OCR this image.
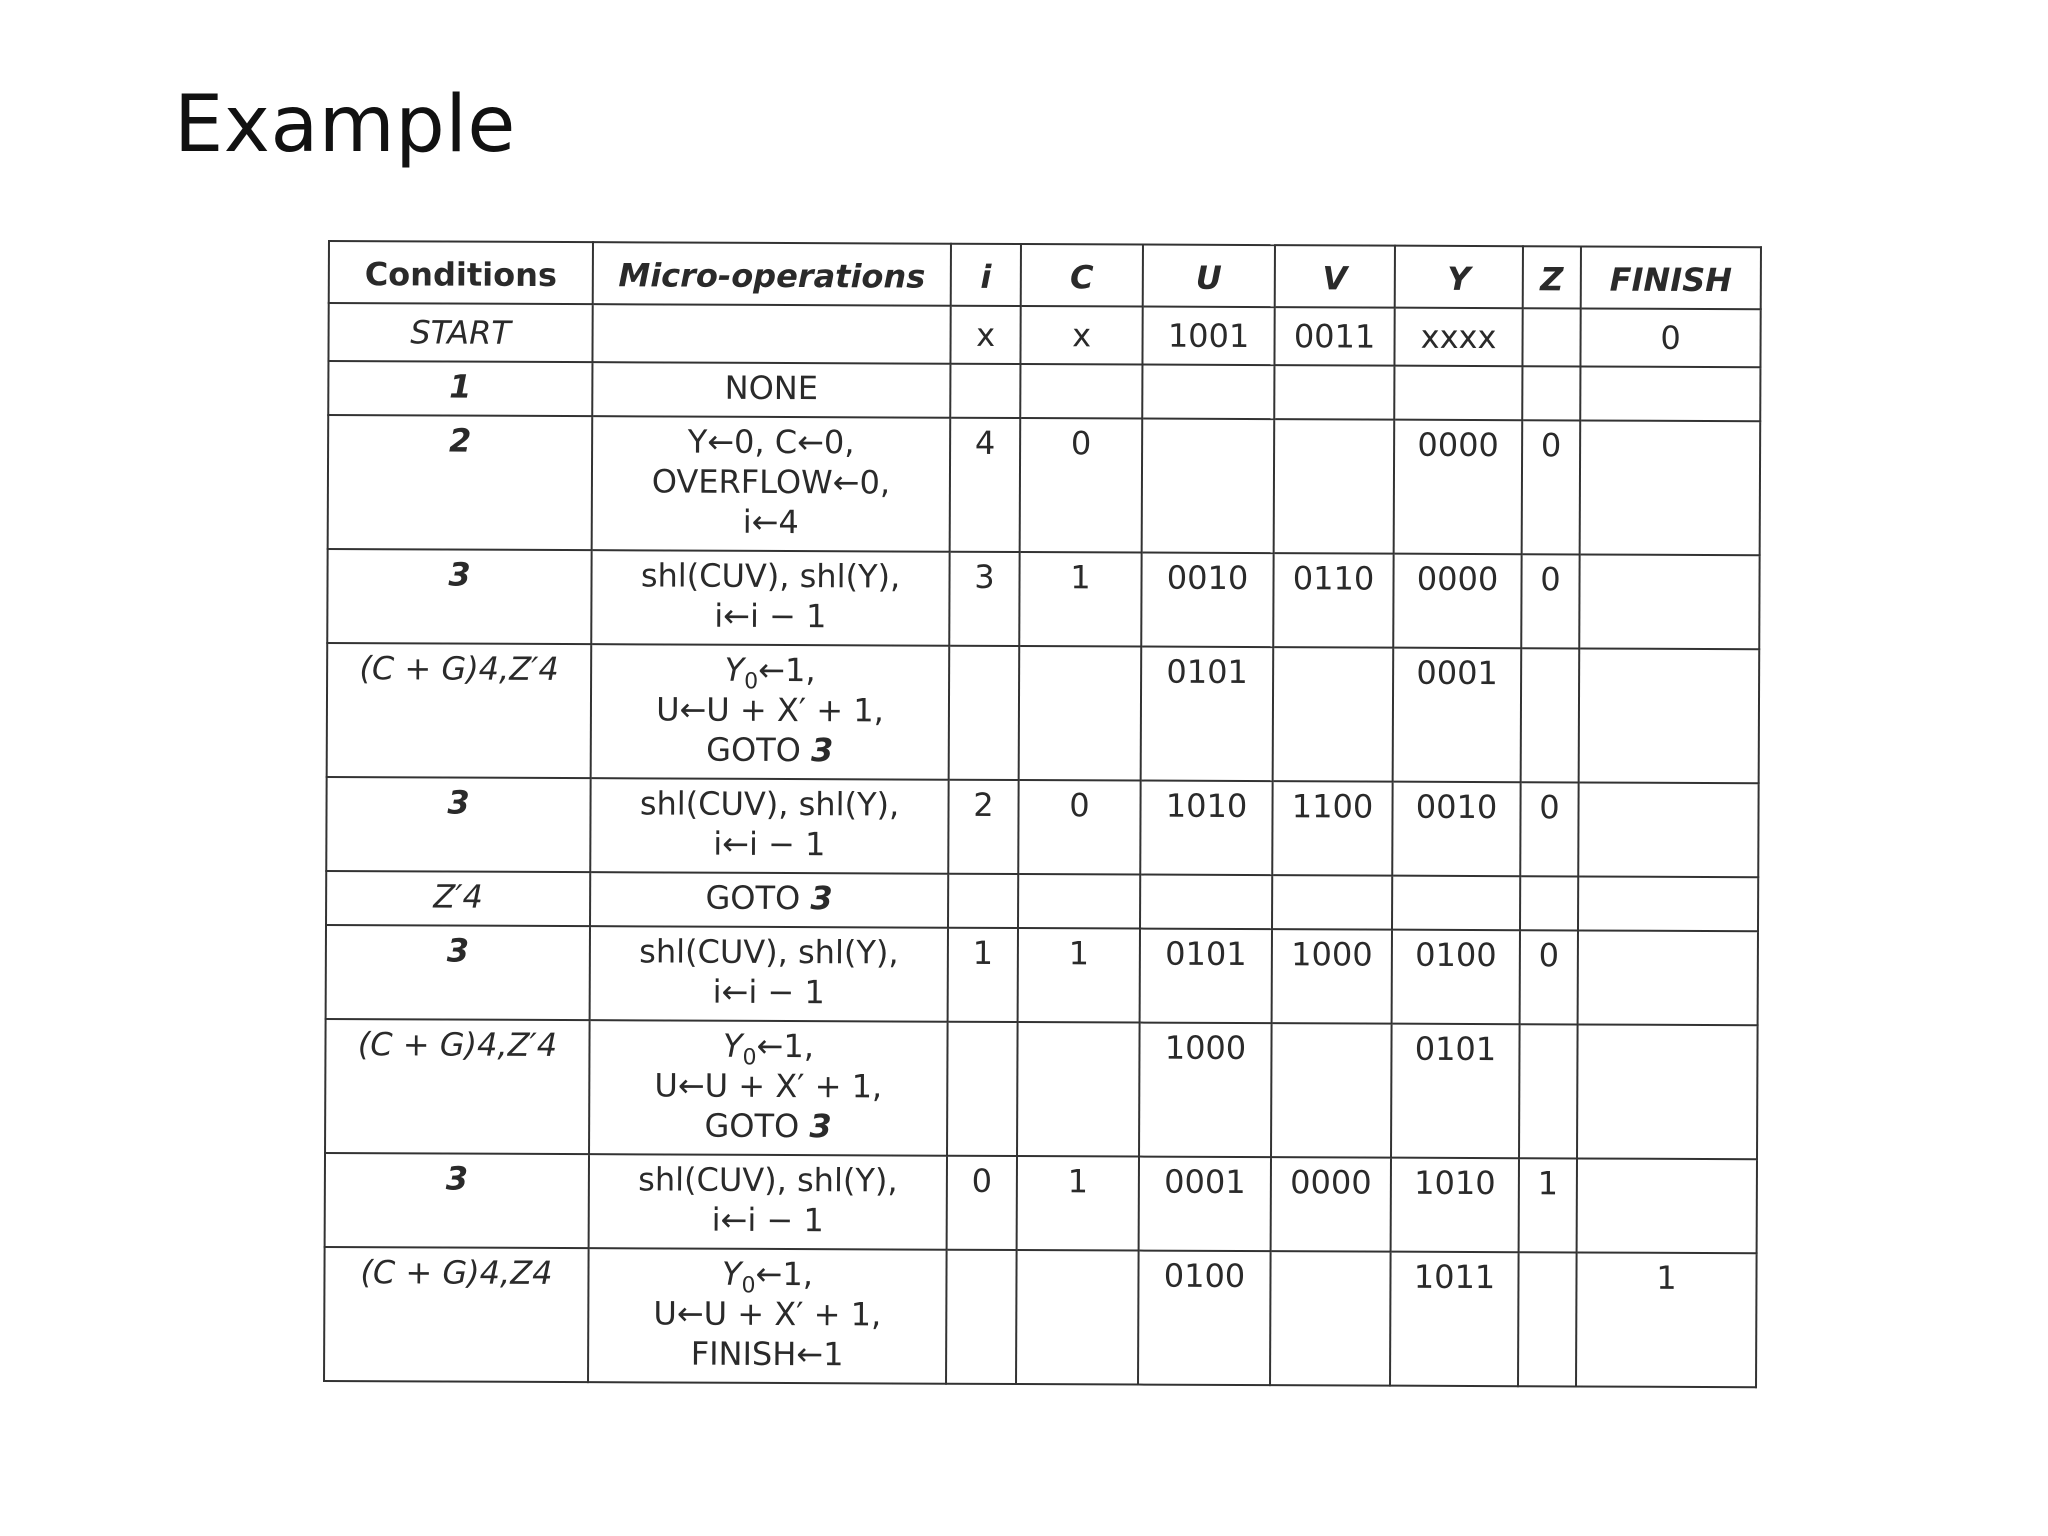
Example
Conditions	Micro-operations	i	C	U	V	Y	Z	FINISH
START		x	x	1001	0011	xxxx		0
1	NONE							

2	Y←0, C←0,
OVERFLOW←0,
i←4	4	0			0000	0	
3	shl(CUV), shl(Y),
i←i − 1	3	1	0010	0110	0000	0	
(C + G)4,Z′4	$Y_0\leftarrow 1$,
U←U + X′ + 1,
GOTO 3			0101		0001		
3	shl(CUV), shl(Y),
i←i − 1	2	0	1010	1100	0010	0	
Z′4	GOTO 3							

3	shl(CUV), shl(Y),
i←i − 1	1	1	0101	1000	0100	0	
(C + G)4,Z′4	$Y_0\leftarrow 1$,
U←U + X′ + 1,
GOTO 3			1000		0101		
3	shl(CUV), shl(Y),
i←i − 1	0	1	0001	0000	1010	1	
(C + G)4,Z4	$Y_0\leftarrow 1$,
U←U + X′ + 1,
FINISH←1			0100		1011		1
